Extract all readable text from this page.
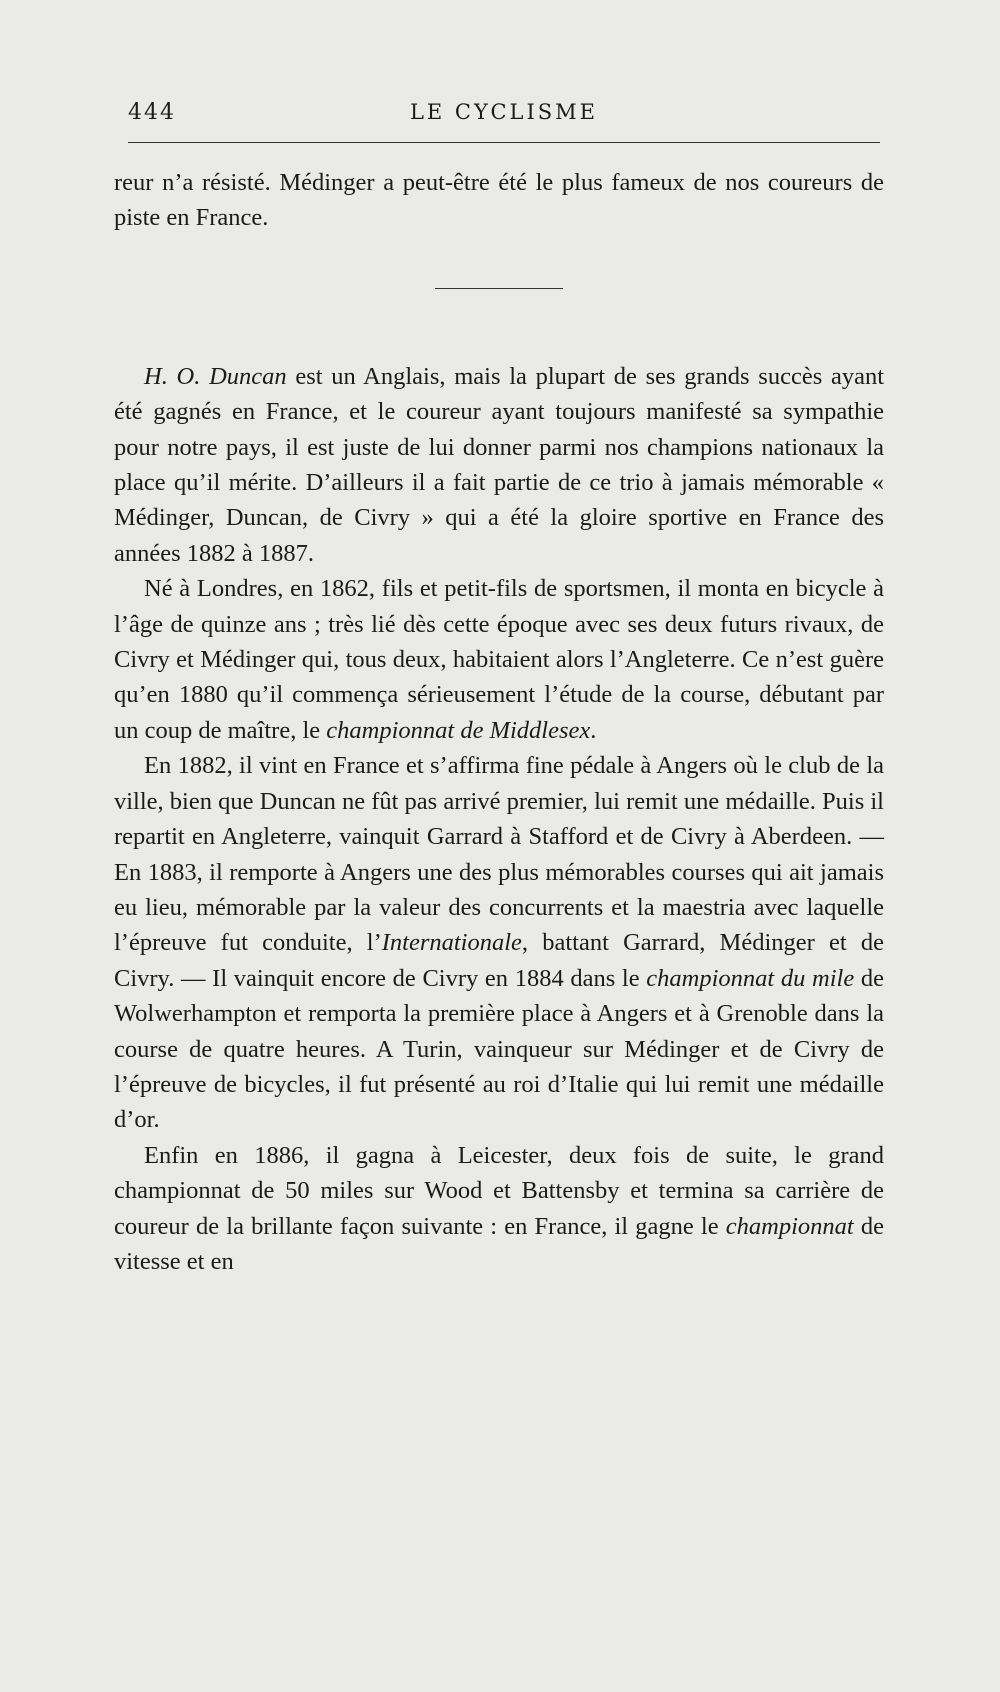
444	LE CYCLISME

reur n’a résisté. Médinger a peut-être été le plus fameux de nos coureurs de piste en France.

H. O. Duncan est un Anglais, mais la plupart de ses grands succès ayant été gagnés en France, et le coureur ayant toujours manifesté sa sympathie pour notre pays, il est juste de lui donner parmi nos champions nationaux la place qu’il mérite. D’ailleurs il a fait partie de ce trio à jamais mémorable « Médinger, Duncan, de Civry » qui a été la gloire sportive en France des années 1882 à 1887.

Né à Londres, en 1862, fils et petit-fils de sportsmen, il monta en bicycle à l’âge de quinze ans ; très lié dès cette époque avec ses deux futurs rivaux, de Civry et Médinger qui, tous deux, habitaient alors l’Angleterre. Ce n’est guère qu’en 1880 qu’il commença sérieusement l’étude de la course, débutant par un coup de maître, le championnat de Middlesex.

En 1882, il vint en France et s’affirma fine pédale à Angers où le club de la ville, bien que Duncan ne fût pas arrivé premier, lui remit une médaille. Puis il repartit en Angleterre, vainquit Garrard à Stafford et de Civry à Aberdeen. — En 1883, il remporte à Angers une des plus mémorables courses qui ait jamais eu lieu, mémorable par la valeur des concurrents et la maestria avec laquelle l’épreuve fut conduite, l’Internationale, battant Garrard, Médinger et de Civry. — Il vainquit encore de Civry en 1884 dans le championnat du mile de Wolwerhampton et remporta la première place à Angers et à Grenoble dans la course de quatre heures. A Turin, vainqueur sur Médinger et de Civry de l’épreuve de bicycles, il fut présenté au roi d’Italie qui lui remit une médaille d’or.

Enfin en 1886, il gagna à Leicester, deux fois de suite, le grand championnat de 50 miles sur Wood et Battensby et termina sa carrière de coureur de la brillante façon suivante : en France, il gagne le championnat de vitesse et en
